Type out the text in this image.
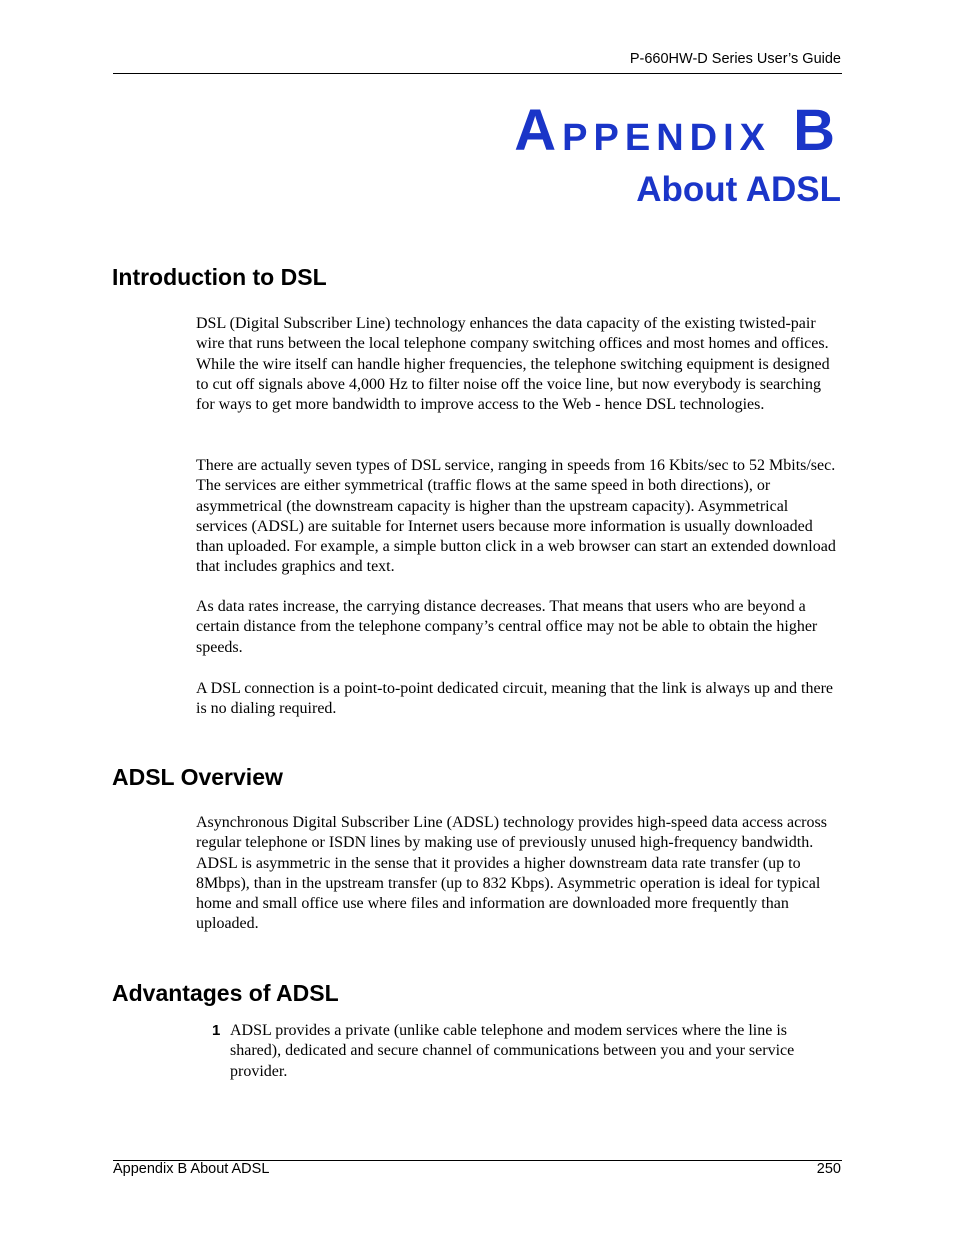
P-660HW-D Series User’s Guide
APPENDIX B
About ADSL
Introduction to DSL

DSL (Digital Subscriber Line) technology enhances the data capacity of the existing twisted-pair wire that runs between the local telephone company switching offices and most homes and offices. While the wire itself can handle higher frequencies, the telephone switching equipment is designed to cut off signals above 4,000 Hz to filter noise off the voice line, but now everybody is searching for ways to get more bandwidth to improve access to the Web - hence DSL technologies.

There are actually seven types of DSL service, ranging in speeds from 16 Kbits/sec to 52 Mbits/sec. The services are either symmetrical (traffic flows at the same speed in both directions), or asymmetrical (the downstream capacity is higher than the upstream capacity). Asymmetrical services (ADSL) are suitable for Internet users because more information is usually downloaded than uploaded. For example, a simple button click in a web browser can start an extended download that includes graphics and text.

As data rates increase, the carrying distance decreases. That means that users who are beyond a certain distance from the telephone company’s central office may not be able to obtain the higher speeds.

A DSL connection is a point-to-point dedicated circuit, meaning that the link is always up and there is no dialing required.

ADSL Overview

Asynchronous Digital Subscriber Line (ADSL) technology provides high-speed data access across regular telephone or ISDN lines by making use of previously unused high-frequency bandwidth. ADSL is asymmetric in the sense that it provides a higher downstream data rate transfer (up to 8Mbps), than in the upstream transfer (up to 832 Kbps). Asymmetric operation is ideal for typical home and small office use where files and information are downloaded more frequently than uploaded.

Advantages of ADSL
1 ADSL provides a private (unlike cable telephone and modem services where the line is shared), dedicated and secure channel of communications between you and your service provider.

Appendix B About ADSL	250
